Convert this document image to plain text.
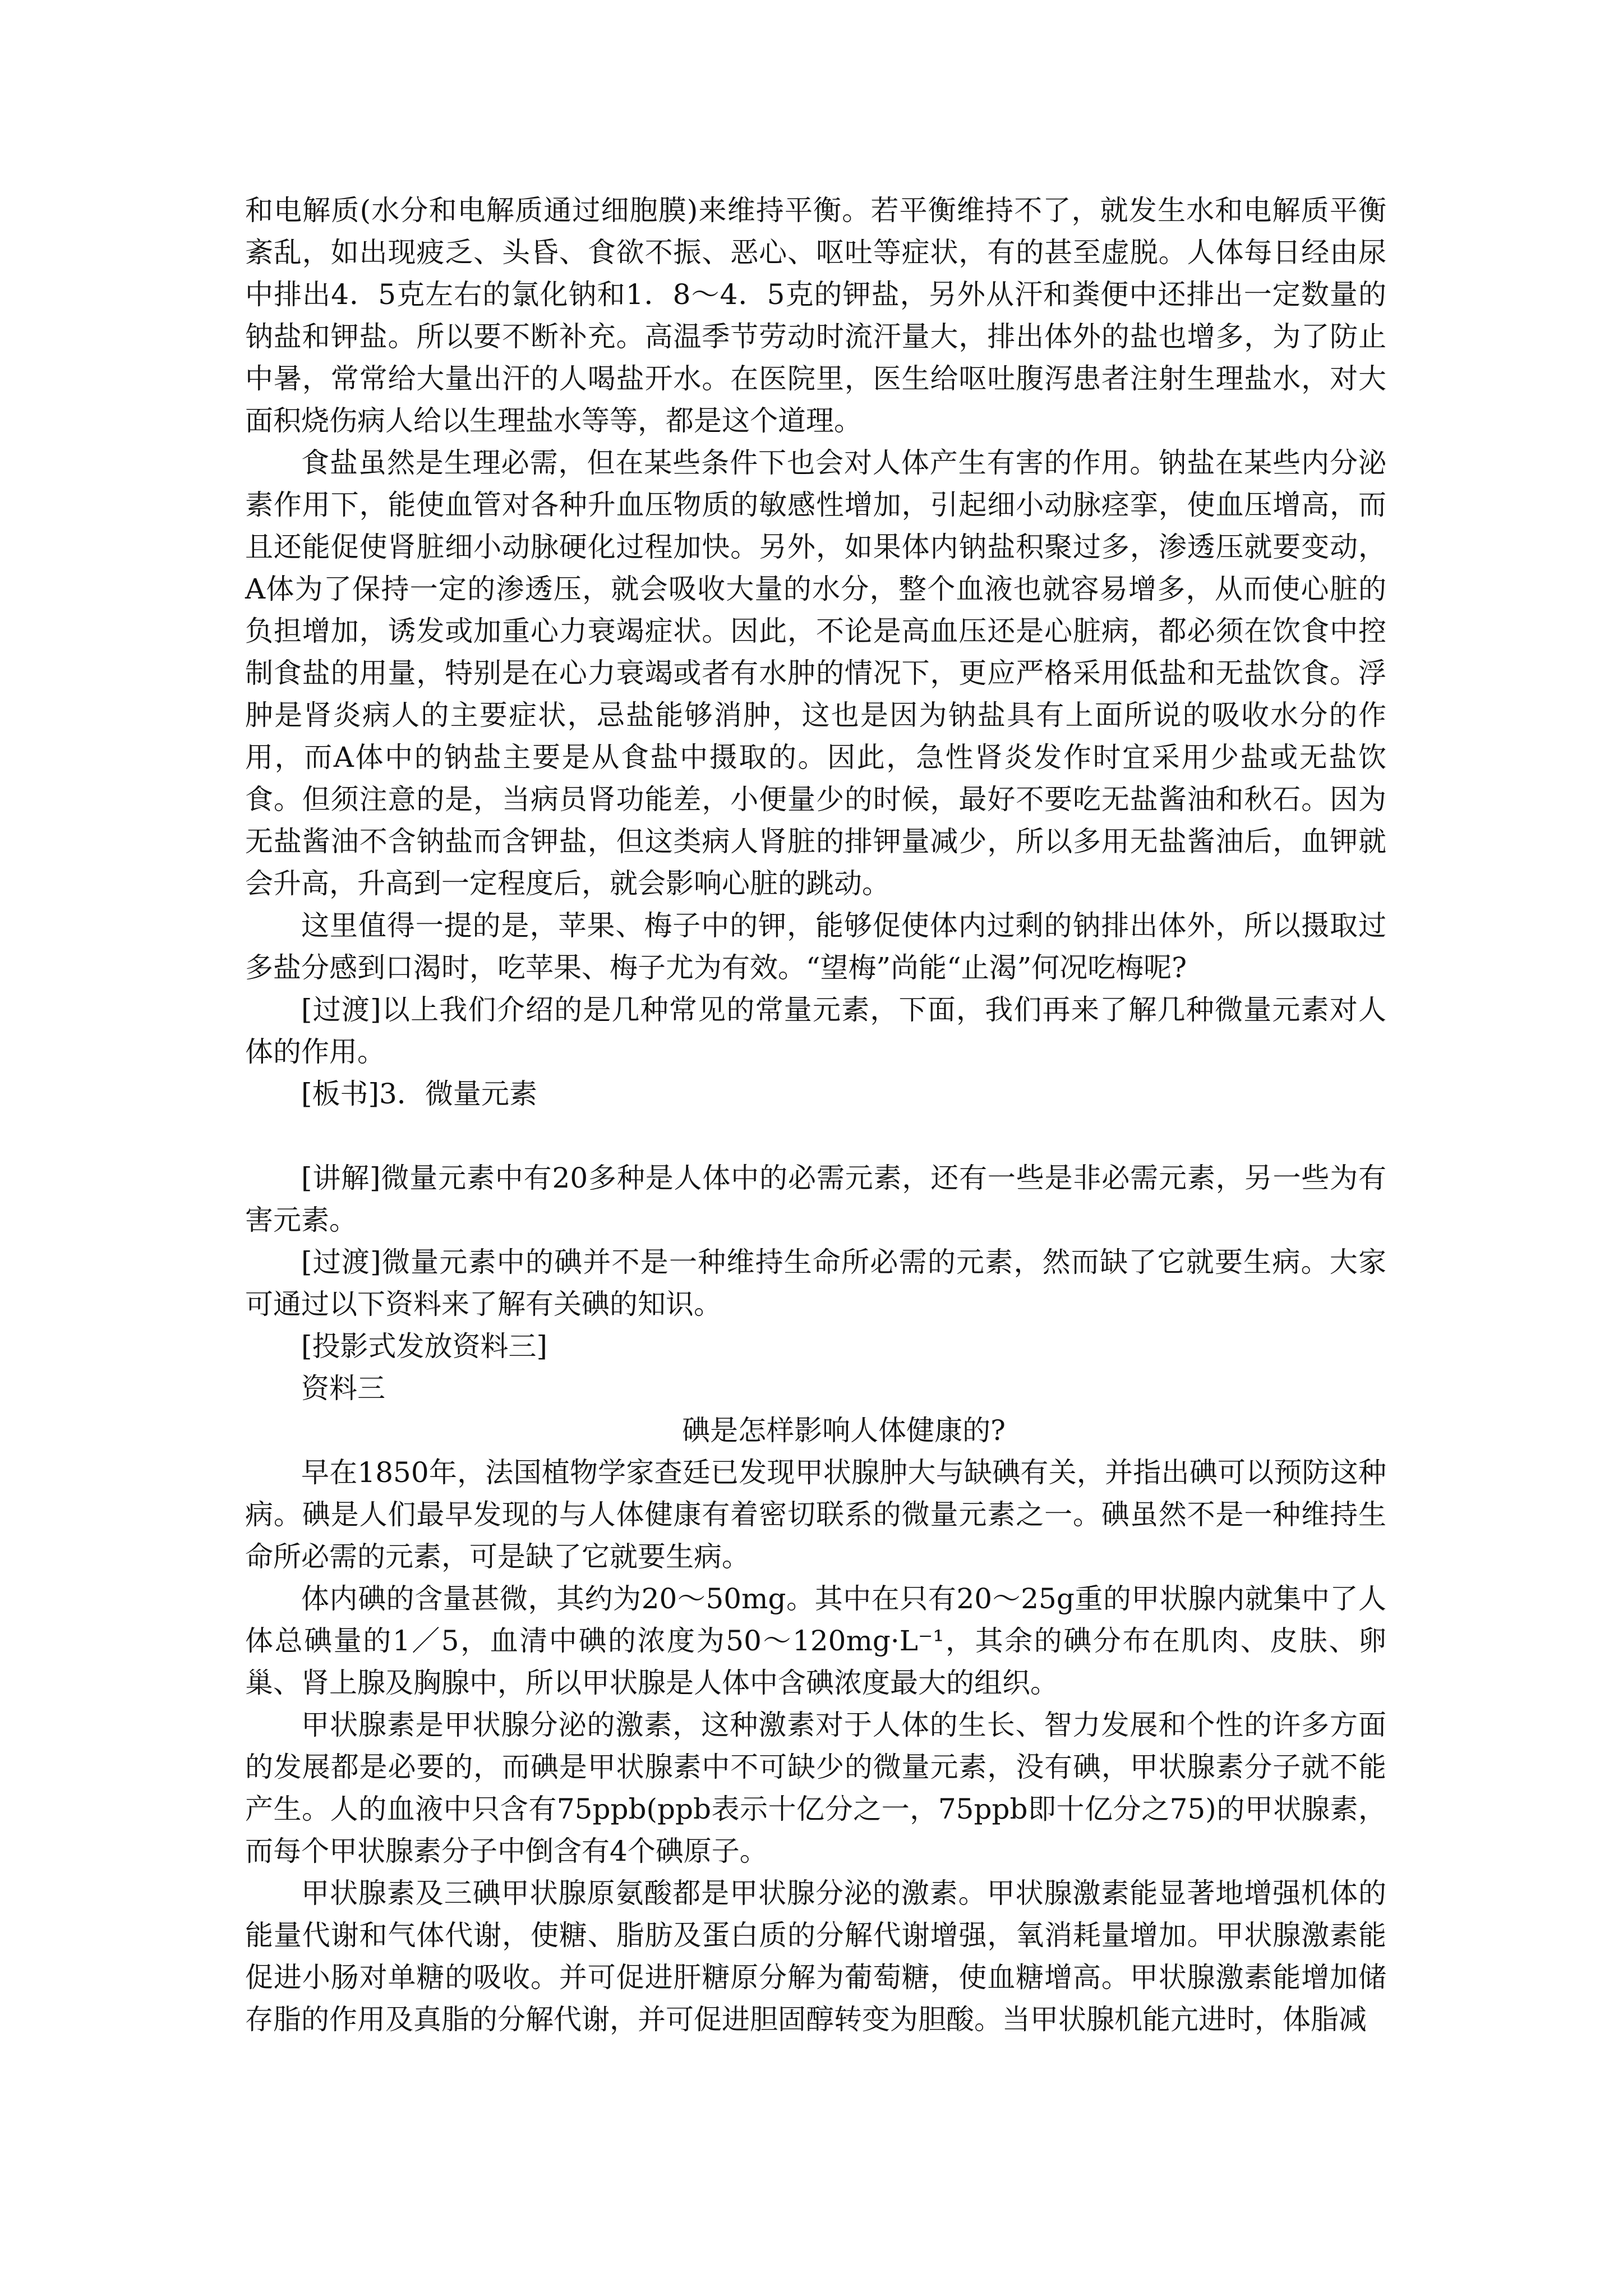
和电解质(水分和电解质通过细胞膜)来维持平衡。若平衡维持不了，就发生水和电解质平衡紊乱，如出现疲乏、头昏、食欲不振、恶心、呕吐等症状，有的甚至虚脱。人体每日经由尿中排出4．5克左右的氯化钠和1．8～4．5克的钾盐，另外从汗和粪便中还排出一定数量的钠盐和钾盐。所以要不断补充。高温季节劳动时流汗量大，排出体外的盐也增多，为了防止中暑，常常给大量出汗的人喝盐开水。在医院里，医生给呕吐腹泻患者注射生理盐水，对大面积烧伤病人给以生理盐水等等，都是这个道理。

食盐虽然是生理必需，但在某些条件下也会对人体产生有害的作用。钠盐在某些内分泌素作用下，能使血管对各种升血压物质的敏感性增加，引起细小动脉痉挛，使血压增高，而且还能促使肾脏细小动脉硬化过程加快。另外，如果体内钠盐积聚过多，渗透压就要变动，A体为了保持一定的渗透压，就会吸收大量的水分，整个血液也就容易增多，从而使心脏的负担增加，诱发或加重心力衰竭症状。因此，不论是高血压还是心脏病，都必须在饮食中控制食盐的用量，特别是在心力衰竭或者有水肿的情况下，更应严格采用低盐和无盐饮食。浮肿是肾炎病人的主要症状，忌盐能够消肿，这也是因为钠盐具有上面所说的吸收水分的作用，而A体中的钠盐主要是从食盐中摄取的。因此，急性肾炎发作时宜采用少盐或无盐饮食。但须注意的是，当病员肾功能差，小便量少的时候，最好不要吃无盐酱油和秋石。因为无盐酱油不含钠盐而含钾盐，但这类病人肾脏的排钾量减少，所以多用无盐酱油后，血钾就会升高，升高到一定程度后，就会影响心脏的跳动。

这里值得一提的是，苹果、梅子中的钾，能够促使体内过剩的钠排出体外，所以摄取过多盐分感到口渴时，吃苹果、梅子尤为有效。“望梅”尚能“止渴”何况吃梅呢?

[过渡]以上我们介绍的是几种常见的常量元素，下面，我们再来了解几种微量元素对人体的作用。

[板书]3．微量元素

[讲解]微量元素中有20多种是人体中的必需元素，还有一些是非必需元素，另一些为有害元素。

[过渡]微量元素中的碘并不是一种维持生命所必需的元素，然而缺了它就要生病。大家可通过以下资料来了解有关碘的知识。

[投影式发放资料三]

资料三

碘是怎样影响人体健康的?

早在1850年，法国植物学家查廷已发现甲状腺肿大与缺碘有关，并指出碘可以预防这种病。碘是人们最早发现的与人体健康有着密切联系的微量元素之一。碘虽然不是一种维持生命所必需的元素，可是缺了它就要生病。

体内碘的含量甚微，其约为20～50mg。其中在只有20～25g重的甲状腺内就集中了人体总碘量的1／5，血清中碘的浓度为50～120mg·L⁻¹，其余的碘分布在肌肉、皮肤、卵巢、肾上腺及胸腺中，所以甲状腺是人体中含碘浓度最大的组织。

甲状腺素是甲状腺分泌的激素，这种激素对于人体的生长、智力发展和个性的许多方面的发展都是必要的，而碘是甲状腺素中不可缺少的微量元素，没有碘，甲状腺素分子就不能产生。人的血液中只含有75ppb(ppb表示十亿分之一，75ppb即十亿分之75)的甲状腺素，而每个甲状腺素分子中倒含有4个碘原子。

甲状腺素及三碘甲状腺原氨酸都是甲状腺分泌的激素。甲状腺激素能显著地增强机体的能量代谢和气体代谢，使糖、脂肪及蛋白质的分解代谢增强，氧消耗量增加。甲状腺激素能促进小肠对单糖的吸收。并可促进肝糖原分解为葡萄糖，使血糖增高。甲状腺激素能增加储存脂的作用及真脂的分解代谢，并可促进胆固醇转变为胆酸。当甲状腺机能亢进时，体脂减
